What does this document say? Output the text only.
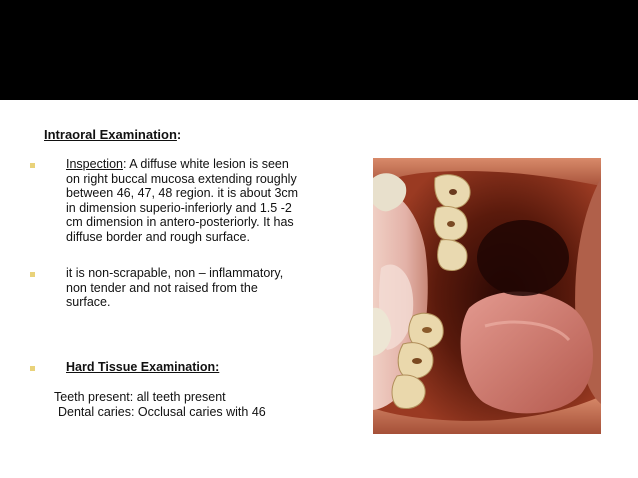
Intraoral Examination:
Inspection: A diffuse white lesion is seen
on right buccal mucosa extending roughly
between 46, 47, 48 region. it is about 3cm
in dimension superio-inferiorly and 1.5 -2
cm dimension in antero-posteriorly. It has
diffuse border and rough surface.
it is non-scrapable, non – inflammatory,
non tender and not raised from the
surface.
Hard Tissue Examination:
Teeth present: all teeth present
Dental caries: Occlusal caries with 46
